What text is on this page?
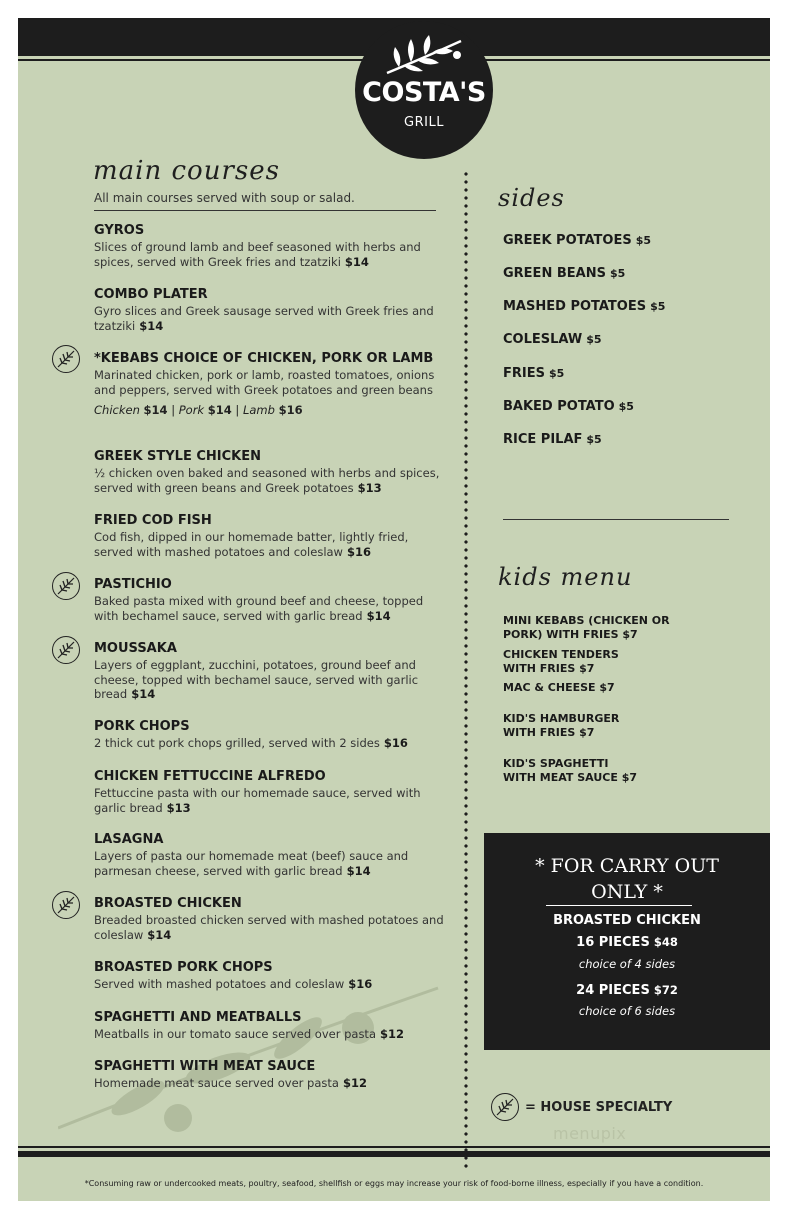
COSTA'S
GRILL
main courses
All main courses served with soup or salad.
GYROS
Slices of ground lamb and beef seasoned with herbs and spices, served with Greek fries and tzatziki $14
COMBO PLATER
Gyro slices and Greek sausage served with Greek fries and tzatziki $14
*KEBABS CHOICE OF CHICKEN, PORK OR LAMB
Marinated chicken, pork or lamb, roasted tomatoes, onions and peppers, served with Greek potatoes and green beans
Chicken $14 | Pork $14 | Lamb $16
GREEK STYLE CHICKEN
½ chicken oven baked and seasoned with herbs and spices, served with green beans and Greek potatoes $13
FRIED COD FISH
Cod fish, dipped in our homemade batter, lightly fried, served with mashed potatoes and coleslaw $16
PASTICHIO
Baked pasta mixed with ground beef and cheese, topped with bechamel sauce, served with garlic bread $14
MOUSSAKA
Layers of eggplant, zucchini, potatoes, ground beef and cheese, topped with bechamel sauce, served with garlic bread $14
PORK CHOPS
2 thick cut pork chops grilled, served with 2 sides $16
CHICKEN FETTUCCINE ALFREDO
Fettuccine pasta with our homemade sauce, served with garlic bread $13
LASAGNA
Layers of pasta our homemade meat (beef) sauce and parmesan cheese, served with garlic bread $14
BROASTED CHICKEN
Breaded broasted chicken served with mashed potatoes and coleslaw $14
BROASTED PORK CHOPS
Served with mashed potatoes and coleslaw $16
SPAGHETTI AND MEATBALLS
Meatballs in our tomato sauce served over pasta $12
SPAGHETTI WITH MEAT SAUCE
Homemade meat sauce served over pasta $12
sides
GREEK POTATOES $5
GREEN BEANS $5
MASHED POTATOES $5
COLESLAW $5
FRIES $5
BAKED POTATO $5
RICE PILAF $5
kids menu
MINI KEBABS (CHICKEN OR
PORK) WITH FRIES $7
CHICKEN TENDERS
WITH FRIES $7
MAC & CHEESE $7
KID'S HAMBURGER
WITH FRIES $7
KID'S SPAGHETTI
WITH MEAT SAUCE $7
* FOR CARRY OUT
ONLY *
BROASTED CHICKEN
16 PIECES $48
choice of 4 sides
24 PIECES $72
choice of 6 sides
= HOUSE SPECIALTY
menupix
*Consuming raw or undercooked meats, poultry, seafood, shellfish or eggs may increase your risk of food-borne illness, especially if you have a condition.
